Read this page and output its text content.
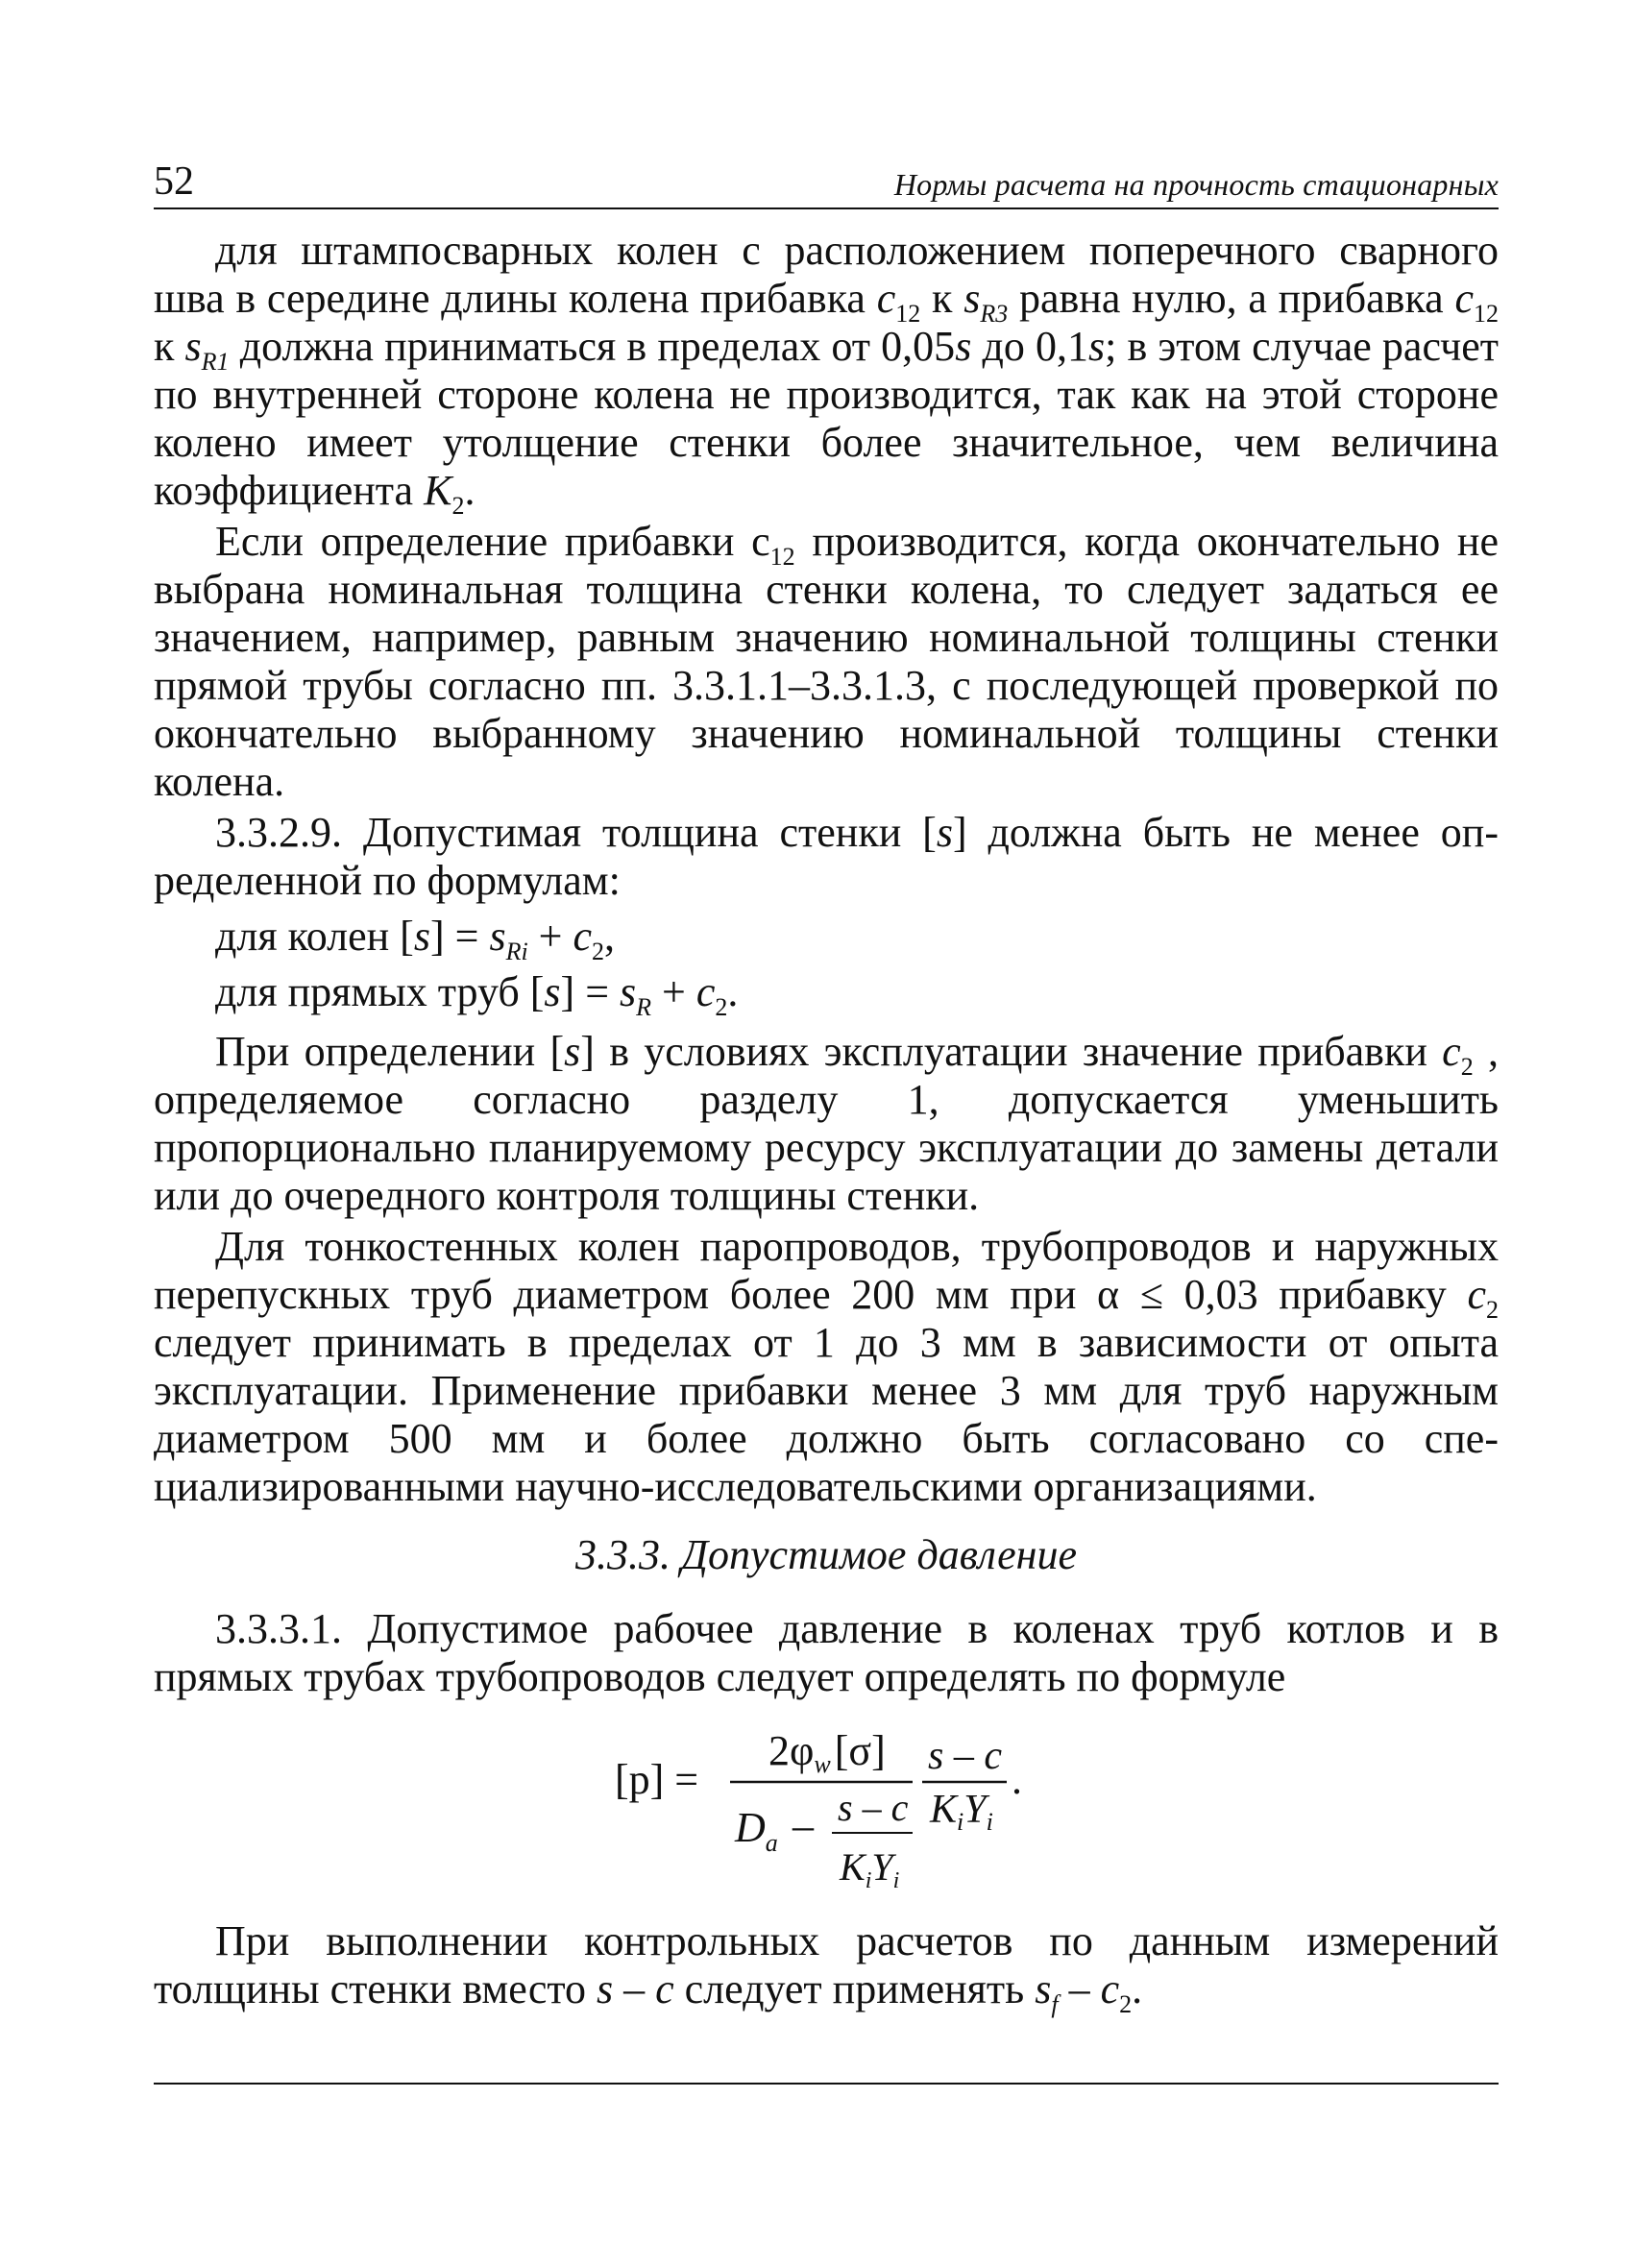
52	Нормы расчета на прочность стационарных

для штампосварных колен с расположением поперечного сварного шва в середине длины колена прибавка $c_{12}$ к $s_{R3}$ равна нулю, а прибавка $c_{12}$ к $s_{R1}$ должна приниматься в пределах от 0,05s до 0,1s; в этом случае расчет по внутренней стороне колена не производится, так как на этой стороне колено имеет утолщение стенки более значительное, чем величина коэффициента $K_2$.

Если определение прибавки $c_{12}$ производится, когда окончательно не выбрана номинальная толщина стенки колена, то следует задаться ее значением, например, равным значению номинальной толщины стенки прямой трубы согласно пп. 3.3.1.1–3.3.1.3, с последующей проверкой по окончательно выбранному значению номинальной толщины стенки колена.

3.3.2.9. Допустимая толщина стенки [s] должна быть не менее определенной по формулам:

для колен $[s] = s_{Ri} + c_2$,
для прямых труб $[s] = s_R + c_2$.

При определении [s] в условиях эксплуатации значение прибавки $c_2$ , определяемое согласно разделу 1, допускается уменьшить пропорционально планируемому ресурсу эксплуатации до замены детали или до очередного контроля толщины стенки.

Для тонкостенных колен паропроводов, трубопроводов и наружных перепускных труб диаметром более 200 мм при α ≤ 0,03 прибавку $c_2$ следует принимать в пределах от 1 до 3 мм в зависимости от опыта эксплуатации. Применение прибавки менее 3 мм для труб наружным диаметром 500 мм и более должно быть согласовано со специализированными научно-исследовательскими организациями.

3.3.3. Допустимое давление

3.3.3.1. Допустимое рабочее давление в коленах труб котлов и в прямых трубах трубопроводов следует определять по формуле

[p] =
2φw[σ]
$D_a$ – s – c
$K_iY_i$
s – c
KiYi
.

При выполнении контрольных расчетов по данным измерений толщины стенки вместо s – c следует применять $s_f - c_2$.
